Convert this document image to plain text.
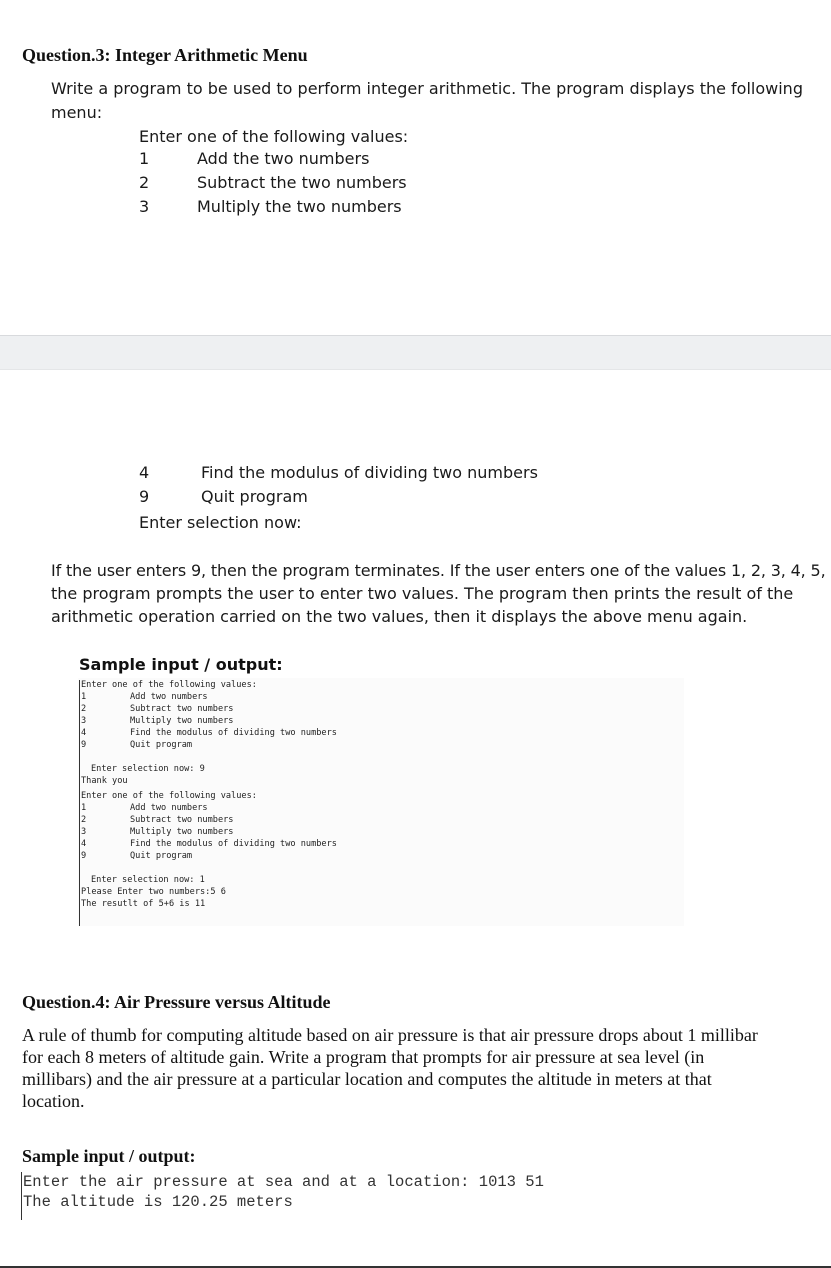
Question.3: Integer Arithmetic Menu
Write a program to be used to perform integer arithmetic. The program displays the following
menu:
Enter one of the following values:
1	Add the two numbers
2	Subtract the two numbers
3	Multiply the two numbers
4	Find the modulus of dividing two numbers
9	Quit program
Enter selection now:
If the user enters 9, then the program terminates. If the user enters one of the values 1, 2, 3, 4, 5,
the program prompts the user to enter two values. The program then prints the result of the
arithmetic operation carried on the two values, then it displays the above menu again.
Sample input / output:
Enter one of the following values:
1	Add two numbers
2	Subtract two numbers
3	Multiply two numbers
4	Find the modulus of dividing two numbers
9	Quit program
Enter selection now: 9
Thank you
Enter one of the following values:
1	Add two numbers
2	Subtract two numbers
3	Multiply two numbers
4	Find the modulus of dividing two numbers
9	Quit program
Enter selection now: 1
Please Enter two numbers:5 6
The resutlt of 5+6 is 11
Question.4: Air Pressure versus Altitude
A rule of thumb for computing altitude based on air pressure is that air pressure drops about 1 millibar
for each 8 meters of altitude gain. Write a program that prompts for air pressure at sea level (in
millibars) and the air pressure at a particular location and computes the altitude in meters at that
location.
Sample input / output:
Enter the air pressure at sea and at a location: 1013 51
The altitude is 120.25 meters
